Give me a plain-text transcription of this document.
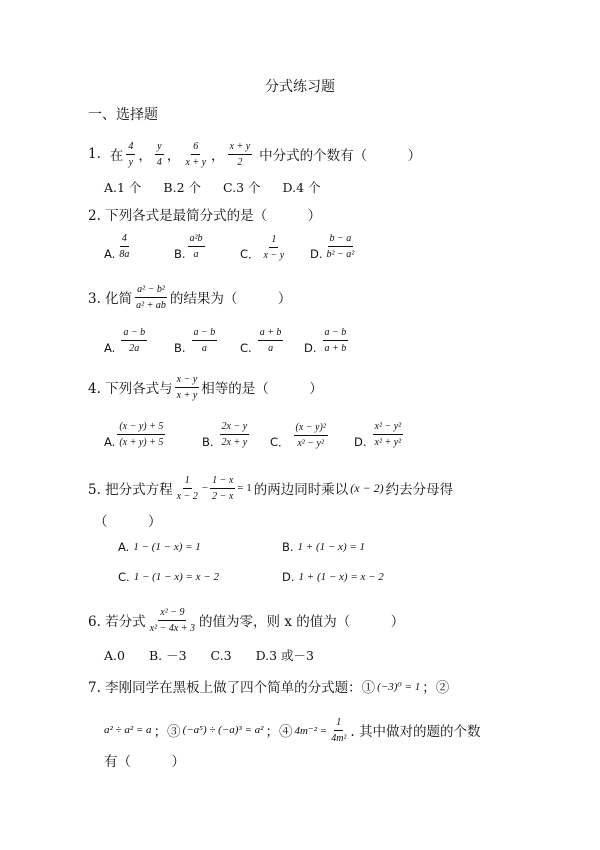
分式练习题
一、选择题
1. 在 $\frac{4}{y}$ ， $\frac{y}{4}$ ， $\frac{6}{x + y}$ ， $\frac{x + y}{2}$ 中分式的个数有（　　　）
A.1 个 B.2 个 C.3 个 D.4 个
2. 下列各式是最简分式的是（　　　）
A. $\frac{4}{8a}$	B. $\frac{\text{a²b}}{a}$	C． $\frac{1}{x - y} D$. $\frac{b - a}{\text{b² − a²}}$
3. 化简 $\frac{\text{a² − b²}}{\text{a² + ab}}$ 的结果为（　　　）
A. $\frac{a - b}{2a} B$. $\frac{a - b}{a} C$. $\frac{a + b}{a} D$. $\frac{a - b}{a + b}$
4. 下列各式与 $\frac{x - y}{x + y}$ 相等的是（　　　）
A. $\frac{(x - y) + 5}{(x + y) + 5}$	B. $\frac{2x - y}{2x + y}$ C． $\frac{\text{(x − y)²}}{\text{x² − y²}} D$. $\frac{\text{x² − y²}}{\text{x² + y²}}$
5. 把分式方程 $\frac{1}{x - 2} - \frac{1 - x}{2 - x} = 1$ 的两边同时乘以 (x − 2) 约去分母得
（　　　）
A. 1 − (1 − x) = 1	B. 1 + (1 − x) = 1
C. 1 − (1 − x) = x − 2	D. 1 + (1 − x) = x − 2
6. 若分式 $\frac{\text{x² − 9}}{\text{x² − 4x + 3}}$ 的值为零，则 x 的值为（　　　）
A.0 B. －3 C.3 D.3 或－3
7. 李刚同学在黑板上做了四个简单的分式题：① (−3)⁰ = 1 ；②
a² ÷ a² = a ；③ (−a⁵) ÷ (−a)³ = a² ；④ $4m^{-2} = \frac{1}{\text{4m²}}$ . 其中做对的题的个数
有（　　　）
